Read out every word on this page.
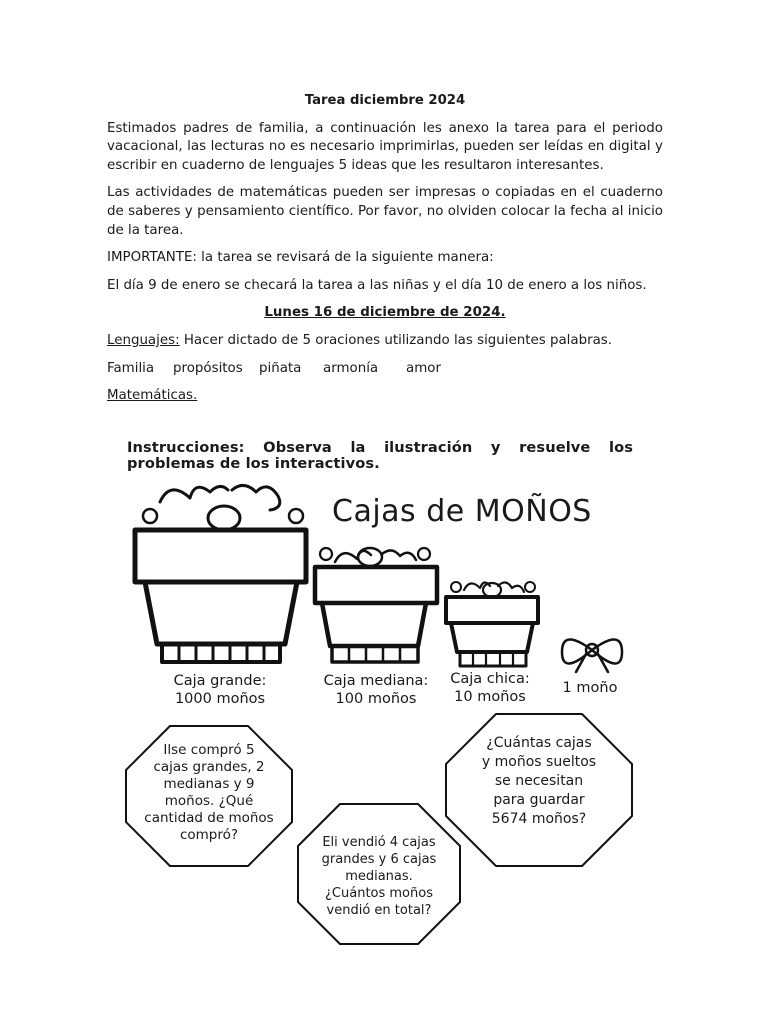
Tarea diciembre 2024
Estimados padres de familia, a continuación les anexo la tarea para el periodo vacacional, las lecturas no es necesario imprimirlas, pueden ser leídas en digital y escribir en cuaderno de lenguajes 5 ideas que les resultaron interesantes.
Las actividades de matemáticas pueden ser impresas o copiadas en el cuaderno de saberes y pensamiento científico. Por favor, no olviden colocar la fecha al inicio de la tarea.
IMPORTANTE: la tarea se revisará de la siguiente manera:
El día 9 de enero se checará la tarea a las niñas y el día 10 de enero a los niños.
Lunes 16 de diciembre de 2024.
Lenguajes: Hacer dictado de 5 oraciones utilizando las siguientes palabras.
Familia	propósitos	piñata	armonía	amor
Matemáticas.
Instrucciones: Observa la ilustración y resuelve los problemas de los interactivos.
Cajas de MOÑOS
Caja grande:
1000 moños
Caja mediana:
100 moños
Caja chica:
10 moños
1 moño
Ilse compró 5
cajas grandes, 2
medianas y 9
moños. ¿Qué
cantidad de moños
compró?	Eli vendió 4 cajas
grandes y 6 cajas
medianas.
¿Cuántos moños
vendió en total?
¿Cuántas cajas
y moños sueltos
se necesitan
para guardar
5674 moños?
